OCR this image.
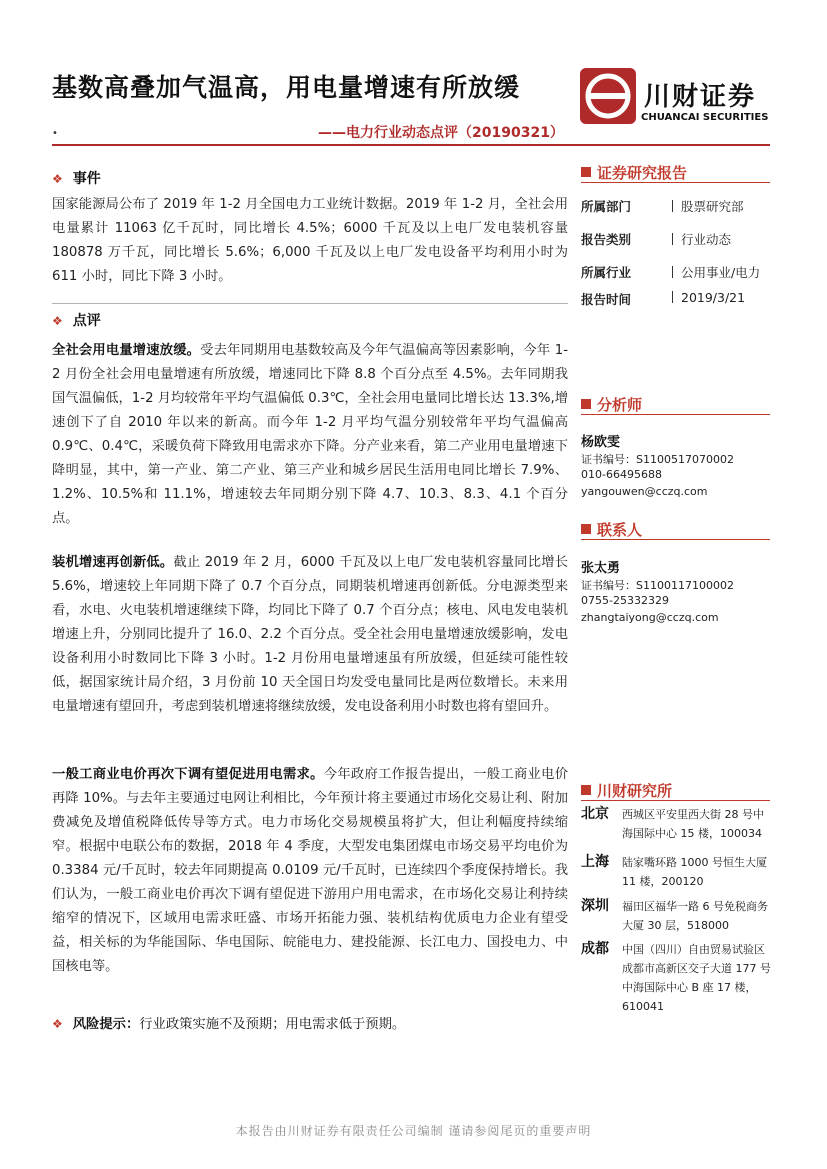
基数高叠加气温高，用电量增速有所放缓
•	——电力行业动态点评（20190321）
川财证券
CHUANCAI SECURITIES
❖ 事件
国家能源局公布了 2019 年 1-2 月全国电力工业统计数据。2019 年 1-2 月，全社会用电量累计 11063 亿千瓦时，同比增长 4.5%；6000 千瓦及以上电厂发电装机容量 180878 万千瓦，同比增长 5.6%；6,000 千瓦及以上电厂发电设备平均利用小时为 611 小时，同比下降 3 小时。
❖ 点评
全社会用电量增速放缓。受去年同期用电基数较高及今年气温偏高等因素影响，今年 1-2 月份全社会用电量增速有所放缓，增速同比下降 8.8 个百分点至 4.5%。去年同期我国气温偏低，1-2 月均较常年平均气温偏低 0.3℃，全社会用电量同比增长达 13.3%,增速创下了自 2010 年以来的新高。而今年 1-2 月平均气温分别较常年平均气温偏高 0.9℃、0.4℃，采暖负荷下降致用电需求亦下降。分产业来看，第二产业用电量增速下降明显，其中，第一产业、第二产业、第三产业和城乡居民生活用电同比增长 7.9%、1.2%、10.5%和 11.1%，增速较去年同期分别下降 4.7、10.3、8.3、4.1 个百分点。
装机增速再创新低。截止 2019 年 2 月，6000 千瓦及以上电厂发电装机容量同比增长 5.6%，增速较上年同期下降了 0.7 个百分点，同期装机增速再创新低。分电源类型来看，水电、火电装机增速继续下降，均同比下降了 0.7 个百分点；核电、风电发电装机增速上升，分别同比提升了 16.0、2.2 个百分点。受全社会用电量增速放缓影响，发电设备利用小时数同比下降 3 小时。1-2 月份用电量增速虽有所放缓，但延续可能性较低，据国家统计局介绍，3 月份前 10 天全国日均发受电量同比是两位数增长。未来用电量增速有望回升，考虑到装机增速将继续放缓，发电设备利用小时数也将有望回升。
一般工商业电价再次下调有望促进用电需求。今年政府工作报告提出，一般工商业电价再降 10%。与去年主要通过电网让利相比，今年预计将主要通过市场化交易让利、附加费减免及增值税降低传导等方式。电力市场化交易规模虽将扩大，但让利幅度持续缩窄。根据中电联公布的数据，2018 年 4 季度，大型发电集团煤电市场交易平均电价为 0.3384 元/千瓦时，较去年同期提高 0.0109 元/千瓦时，已连续四个季度保持增长。我们认为，一般工商业电价再次下调有望促进下游用户用电需求，在市场化交易让利持续缩窄的情况下，区域用电需求旺盛、市场开拓能力强、装机结构优质电力企业有望受益，相关标的为华能国际、华电国际、皖能电力、建投能源、长江电力、国投电力、中国核电等。
❖ 风险提示：行业政策实施不及预期；用电需求低于预期。
证券研究报告
所属部门	股票研究部
报告类别	行业动态
所属行业	公用事业/电力
报告时间	2019/3/21
分析师
杨欧雯
证书编号：S1100517070002
010-66495688
yangouwen@cczq.com
联系人
张太勇
证书编号：S1100117100002
0755-25332329
zhangtaiyong@cczq.com
川财研究所
北京 西城区平安里西大街 28 号中海国际中心 15 楼，100034
上海 陆家嘴环路 1000 号恒生大厦 11 楼，200120
深圳 福田区福华一路 6 号免税商务大厦 30 层，518000
成都 中国（四川）自由贸易试验区成都市高新区交子大道 177 号中海国际中心 B 座 17 楼，610041
本报告由川财证券有限责任公司编制 谨请参阅尾页的重要声明
